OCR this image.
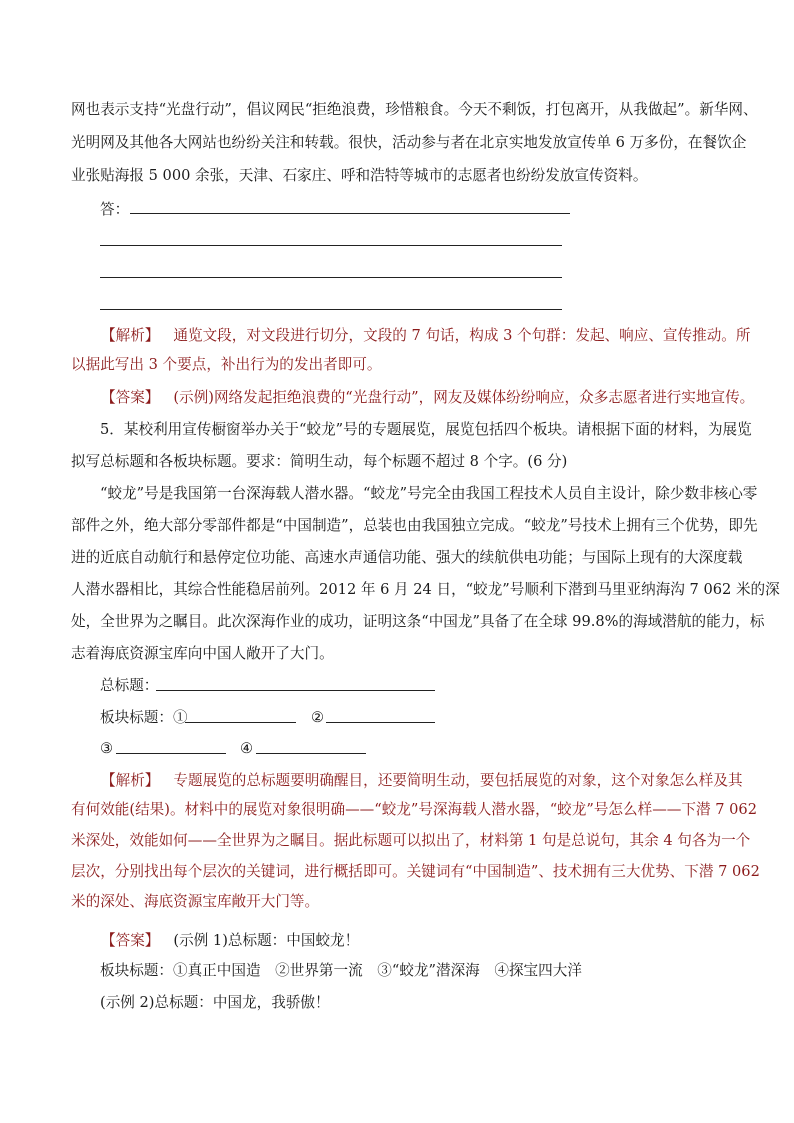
网也表示支持“光盘行动”，倡议网民“拒绝浪费，珍惜粮食。今天不剩饭，打包离开，从我做起”。新华网、
光明网及其他各大网站也纷纷关注和转载。很快，活动参与者在北京实地发放宣传单 6 万多份，在餐饮企
业张贴海报 5 000 余张，天津、石家庄、呼和浩特等城市的志愿者也纷纷发放宣传资料。
答：
【解析】 通览文段，对文段进行切分，文段的 7 句话，构成 3 个句群：发起、响应、宣传推动。所
以据此写出 3 个要点，补出行为的发出者即可。
【答案】 (示例)网络发起拒绝浪费的“光盘行动”，网友及媒体纷纷响应，众多志愿者进行实地宣传。
5．某校利用宣传橱窗举办关于“蛟龙”号的专题展览，展览包括四个板块。请根据下面的材料，为展览
拟写总标题和各板块标题。要求：简明生动，每个标题不超过 8 个字。(6 分)
“蛟龙”号是我国第一台深海载人潜水器。“蛟龙”号完全由我国工程技术人员自主设计，除少数非核心零
部件之外，绝大部分零部件都是“中国制造”，总装也由我国独立完成。“蛟龙”号技术上拥有三个优势，即先
进的近底自动航行和悬停定位功能、高速水声通信功能、强大的续航供电功能；与国际上现有的大深度载
人潜水器相比，其综合性能稳居前列。2012 年 6 月 24 日，“蛟龙”号顺利下潜到马里亚纳海沟 7 062 米的深
处，全世界为之瞩目。此次深海作业的成功，证明这条“中国龙”具备了在全球 99.8%的海域潜航的能力，标
志着海底资源宝库向中国人敞开了大门。
总标题：
板块标题：①	②
③	④
【解析】 专题展览的总标题要明确醒目，还要简明生动，要包括展览的对象，这个对象怎么样及其
有何效能(结果)。材料中的展览对象很明确——“蛟龙”号深海载人潜水器，“蛟龙”号怎么样——下潜 7 062
米深处，效能如何——全世界为之瞩目。据此标题可以拟出了，材料第 1 句是总说句，其余 4 句各为一个
层次，分别找出每个层次的关键词，进行概括即可。关键词有“中国制造”、技术拥有三大优势、下潜 7 062
米的深处、海底资源宝库敞开大门等。
【答案】 (示例 1)总标题：中国蛟龙！
板块标题：①真正中国造　②世界第一流　③“蛟龙”潜深海　④探宝四大洋
(示例 2)总标题：中国龙，我骄傲！
